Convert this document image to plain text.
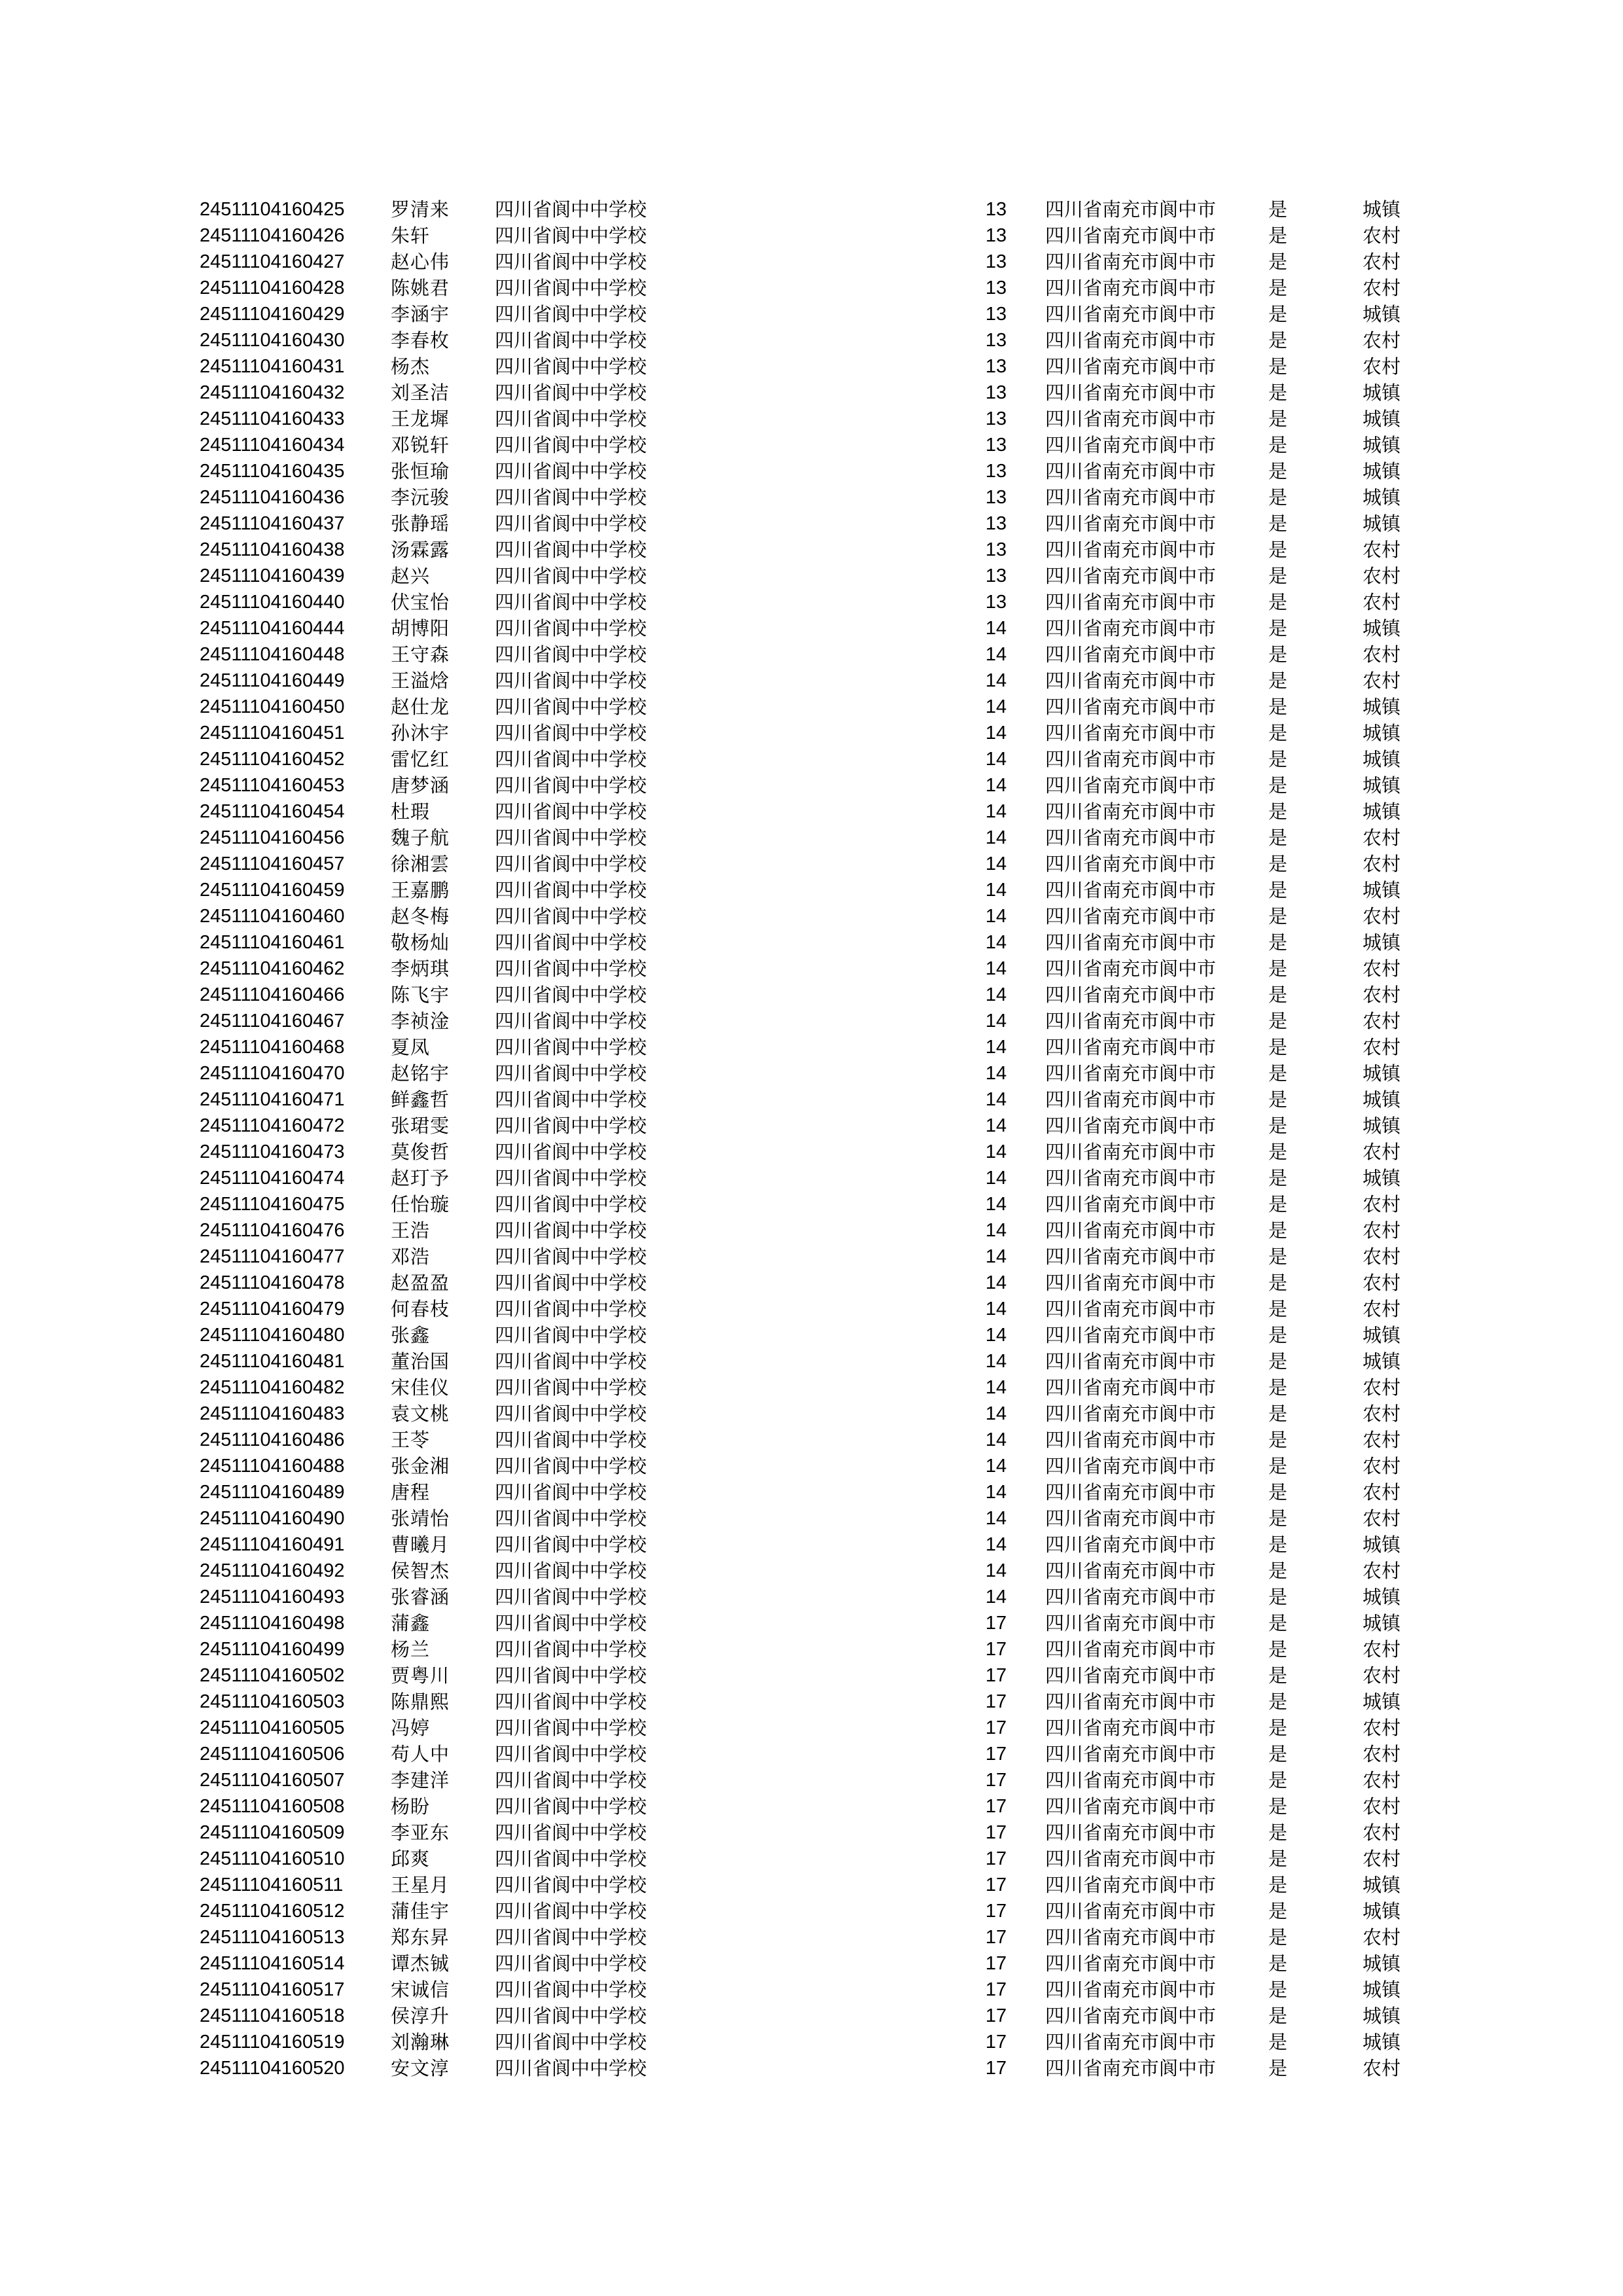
24511104160425 罗清来 四川省阆中中学校	13	四川省南充市阆中市	是	城镇
24511104160426 朱轩	四川省阆中中学校	13	四川省南充市阆中市	是	农村
24511104160427 赵心伟 四川省阆中中学校	13	四川省南充市阆中市	是	农村
24511104160428 陈姚君 四川省阆中中学校	13	四川省南充市阆中市	是	农村
24511104160429 李涵宇 四川省阆中中学校	13	四川省南充市阆中市	是	城镇
24511104160430 李春枚 四川省阆中中学校	13	四川省南充市阆中市	是	农村
24511104160431 杨杰	四川省阆中中学校	13	四川省南充市阆中市	是	农村
24511104160432 刘圣洁 四川省阆中中学校	13	四川省南充市阆中市	是	城镇
24511104160433 王龙墀 四川省阆中中学校	13	四川省南充市阆中市	是	城镇
24511104160434 邓锐轩 四川省阆中中学校	13	四川省南充市阆中市	是	城镇
24511104160435 张恒瑜 四川省阆中中学校	13	四川省南充市阆中市	是	城镇
24511104160436 李沅骏 四川省阆中中学校	13	四川省南充市阆中市	是	城镇
24511104160437 张静瑶 四川省阆中中学校	13	四川省南充市阆中市	是	城镇
24511104160438 汤霖露 四川省阆中中学校	13	四川省南充市阆中市	是	农村
24511104160439 赵兴	四川省阆中中学校	13	四川省南充市阆中市	是	农村
24511104160440 伏宝怡 四川省阆中中学校	13	四川省南充市阆中市	是	农村
24511104160444 胡博阳 四川省阆中中学校	14	四川省南充市阆中市	是	城镇
24511104160448 王守森 四川省阆中中学校	14	四川省南充市阆中市	是	农村
24511104160449 王溢焓 四川省阆中中学校	14	四川省南充市阆中市	是	农村
24511104160450 赵仕龙 四川省阆中中学校	14	四川省南充市阆中市	是	城镇
24511104160451 孙沐宇 四川省阆中中学校	14	四川省南充市阆中市	是	城镇
24511104160452 雷忆红 四川省阆中中学校	14	四川省南充市阆中市	是	城镇
24511104160453 唐梦涵 四川省阆中中学校	14	四川省南充市阆中市	是	城镇
24511104160454 杜瑕	四川省阆中中学校	14	四川省南充市阆中市	是	城镇
24511104160456 魏子航 四川省阆中中学校	14	四川省南充市阆中市	是	农村
24511104160457 徐湘雲 四川省阆中中学校	14	四川省南充市阆中市	是	农村
24511104160459 王嘉鹏 四川省阆中中学校	14	四川省南充市阆中市	是	城镇
24511104160460 赵冬梅 四川省阆中中学校	14	四川省南充市阆中市	是	农村
24511104160461 敬杨灿 四川省阆中中学校	14	四川省南充市阆中市	是	城镇
24511104160462 李炳琪 四川省阆中中学校	14	四川省南充市阆中市	是	农村
24511104160466 陈飞宇 四川省阆中中学校	14	四川省南充市阆中市	是	农村
24511104160467 李祯淦 四川省阆中中学校	14	四川省南充市阆中市	是	农村
24511104160468 夏凤	四川省阆中中学校	14	四川省南充市阆中市	是	农村
24511104160470 赵铭宇 四川省阆中中学校	14	四川省南充市阆中市	是	城镇
24511104160471 鲜鑫哲 四川省阆中中学校	14	四川省南充市阆中市	是	城镇
24511104160472 张珺雯 四川省阆中中学校	14	四川省南充市阆中市	是	城镇
24511104160473 莫俊哲 四川省阆中中学校	14	四川省南充市阆中市	是	农村
24511104160474 赵玎予 四川省阆中中学校	14	四川省南充市阆中市	是	城镇
24511104160475 任怡璇 四川省阆中中学校	14	四川省南充市阆中市	是	农村
24511104160476 王浩	四川省阆中中学校	14	四川省南充市阆中市	是	农村
24511104160477 邓浩	四川省阆中中学校	14	四川省南充市阆中市	是	农村
24511104160478 赵盈盈 四川省阆中中学校	14	四川省南充市阆中市	是	农村
24511104160479 何春枝 四川省阆中中学校	14	四川省南充市阆中市	是	农村
24511104160480 张鑫	四川省阆中中学校	14	四川省南充市阆中市	是	城镇
24511104160481 董治国 四川省阆中中学校	14	四川省南充市阆中市	是	城镇
24511104160482 宋佳仪 四川省阆中中学校	14	四川省南充市阆中市	是	农村
24511104160483 袁文桃 四川省阆中中学校	14	四川省南充市阆中市	是	农村
24511104160486 王苓	四川省阆中中学校	14	四川省南充市阆中市	是	农村
24511104160488 张金湘 四川省阆中中学校	14	四川省南充市阆中市	是	农村
24511104160489 唐程	四川省阆中中学校	14	四川省南充市阆中市	是	农村
24511104160490 张靖怡 四川省阆中中学校	14	四川省南充市阆中市	是	农村
24511104160491 曹曦月 四川省阆中中学校	14	四川省南充市阆中市	是	城镇
24511104160492 侯智杰 四川省阆中中学校	14	四川省南充市阆中市	是	农村
24511104160493 张睿涵 四川省阆中中学校	14	四川省南充市阆中市	是	城镇
24511104160498 蒲鑫	四川省阆中中学校	17	四川省南充市阆中市	是	城镇
24511104160499 杨兰	四川省阆中中学校	17	四川省南充市阆中市	是	农村
24511104160502 贾粤川 四川省阆中中学校	17	四川省南充市阆中市	是	农村
24511104160503 陈鼎熙 四川省阆中中学校	17	四川省南充市阆中市	是	城镇
24511104160505 冯婷	四川省阆中中学校	17	四川省南充市阆中市	是	农村
24511104160506 苟人中 四川省阆中中学校	17	四川省南充市阆中市	是	农村
24511104160507 李建洋 四川省阆中中学校	17	四川省南充市阆中市	是	农村
24511104160508 杨盼	四川省阆中中学校	17	四川省南充市阆中市	是	农村
24511104160509 李亚东 四川省阆中中学校	17	四川省南充市阆中市	是	农村
24511104160510 邱爽	四川省阆中中学校	17	四川省南充市阆中市	是	农村
24511104160511	王星月 四川省阆中中学校	17	四川省南充市阆中市	是	城镇
24511104160512 蒲佳宇 四川省阆中中学校	17	四川省南充市阆中市	是	城镇
24511104160513 郑东昇 四川省阆中中学校	17	四川省南充市阆中市	是	农村
24511104160514 谭杰铖 四川省阆中中学校	17	四川省南充市阆中市	是	城镇
24511104160517 宋诚信 四川省阆中中学校	17	四川省南充市阆中市	是	城镇
24511104160518 侯淳升 四川省阆中中学校	17	四川省南充市阆中市	是	城镇
24511104160519 刘瀚琳 四川省阆中中学校	17	四川省南充市阆中市	是	城镇
24511104160520 安文淳 四川省阆中中学校	17	四川省南充市阆中市	是	农村
